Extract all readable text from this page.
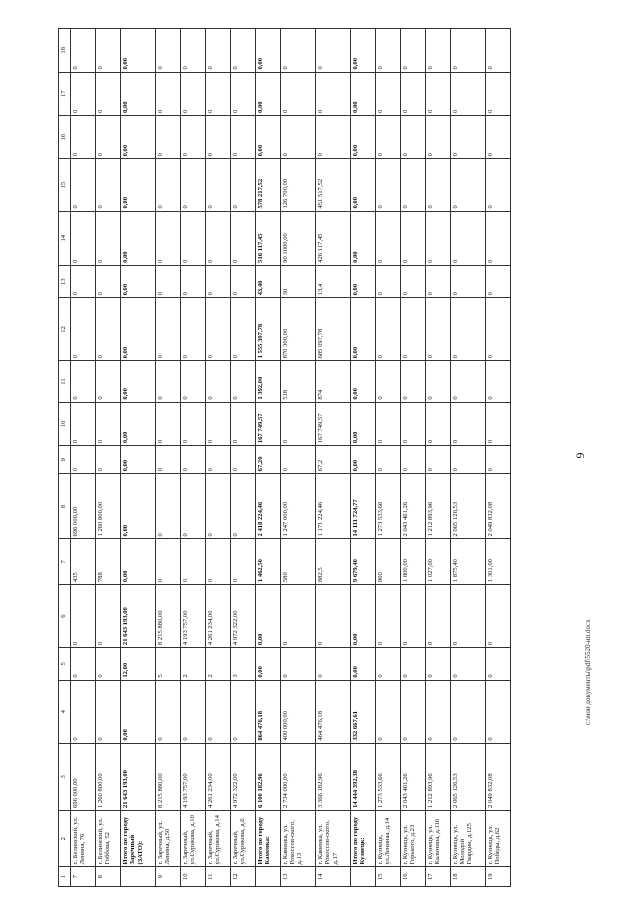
6
1	2	3	4	5	6	7	8	9	10	11	12	13	14	15	16	17	18
7	с. Белинский, ул. Ленина, 76	696 000,00	0	0	0	435	696 000,00	0	0	0	0	0	0	0	0	0	0
8	г. Белинский, ул. Гоббова, 52	1 260 800,00	0	0	0	788	1 260 800,00	0	0	0	0	0	0	0	0	0	0
	Итого по городу Заречный (ЗАТО):	21 643 193,00	0,00	12,00	21 643 193,00	0,00	0,00	0,00	0,00	0,00	0,00	0,00	0,00	0,00	0,00	0,00	0,00
9	г. Заречный, ул. Ленина, д.50	8 215 880,00	0	5	8 215 880,00	0	0	0	0	0	0	0	0	0	0	0	0
10	г. Заречный, ул.Сурикова, д.10	4 193 757,00	0	2	4 193 757,00	0	0	0	0	0	0	0	0	0	0	0	0
11	г. Заречный, ул.Сурикова, д.14	4 261 234,00	0	2	4 261 234,00	0	0	0	0	0	0	0	0	0	0	0	0
12	г. Заречный, ул.Сурикова, д.6	4 972 322,00	0	3	4 972 322,00	0	0	0	0	0	0	0	0	0	0	0	0
	Итого по городу Каменка:	6 100 182,96	864 476,18	0,00	0,00	1 462,50	2 418 224,46	67,20	167 749,57	1 392,00	1 555 397,78	43,40	516 117,45	578 217,52	0,00	0,00	0,00
13	г. Каменка, ул. Рокоссов-ского, д.13	2 734 000,00	400 000,00	0	0	580	1 247 000,00	0	0	518	870 300,00	30	90 1000,00	126 700,00	0	0	0
14	г. Каменка, ул. Рокоссов-ского, д.17	3 366 182,96	464 476,18	0	0	882,5	1 171 224,46	67,2	167 749,57	874	685 097,78	13,4	426 117,45	451 517,52	0	0	0
	Итого по городу Кузнецк:	14 444 392,38	332 667,61	0,00	0,00	9 679,40	14 111 724,77	0,00	0,00	0,00	0,00	0,00	0,00	0,00	0,00	0,00	0,00
15	г. Кузнецк, ул.Ленинаа, д.14	1 273 533,66	0	0	0	860	1 273 533,66	0	0	0	0	0	0	0	0	0	0
16	г. Кузнецк, ул. Горького, д.23	2 043 461,26	0	0	0	1 800,00	2 043 461,26	0	0	0	0	0	0	0	0	0	0
17	г. Кузнецк, ул. Калинина, д.116	1 212 893,96	0	0	0	1 027,00	1 212 893,96	0	0	0	0	0	0	0	0	0	0
18	г. Кузнецк, ул. Молодой Гвардии, д.125	2 065 126,53	0	0	0	1 875,40	2 065 126,53	0	0	0	0	0	0	0	0	0	0
19	г. Кузнецк, ул. Победы, д.62	2 049 832,08	0	0	0	1 301,00	2 049 832,08	0	0	0	0	0	0	0	0	0	0
c:\мои документы\pdf\5520-ип.docx
